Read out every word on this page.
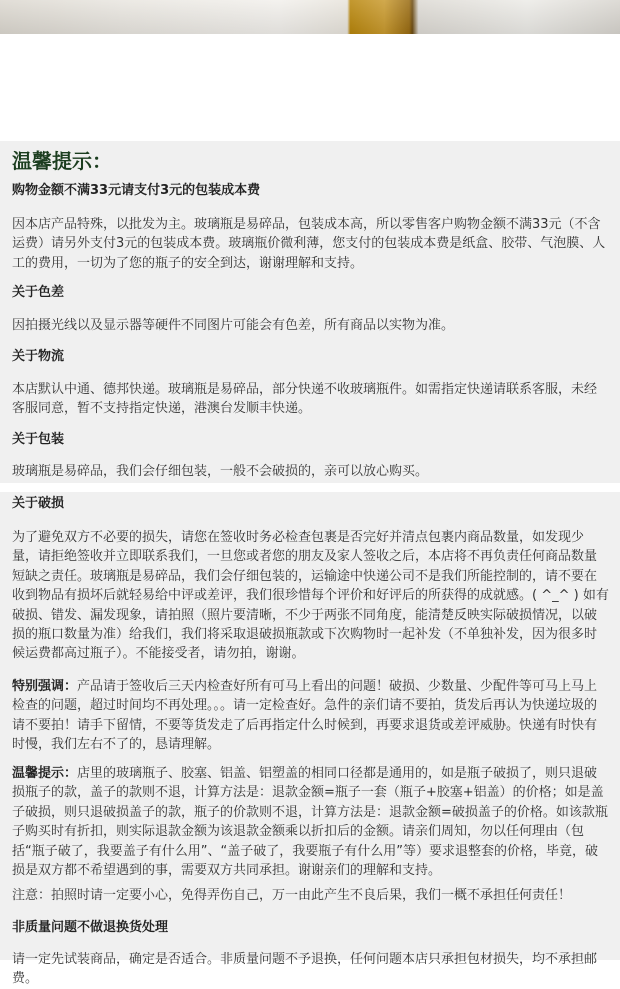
温馨提示：
购物金额不满33元请支付3元的包装成本费
因本店产品特殊，以批发为主。玻璃瓶是易碎品，包装成本高，所以零售客户购物金额不满33元（不含运费）请另外支付3元的包装成本费。玻璃瓶价微利薄，您支付的包装成本费是纸盒、胶带、气泡膜、人工的费用，一切为了您的瓶子的安全到达，谢谢理解和支持。
关于色差
因拍摄光线以及显示器等硬件不同图片可能会有色差，所有商品以实物为准。
关于物流
本店默认中通、德邦快递。玻璃瓶是易碎品，部分快递不收玻璃瓶件。如需指定快递请联系客服，未经客服同意，暂不支持指定快递，港澳台发顺丰快递。
关于包装
玻璃瓶是易碎品，我们会仔细包装，一般不会破损的，亲可以放心购买。
关于破损
为了避免双方不必要的损失，请您在签收时务必检查包裹是否完好并清点包裹内商品数量，如发现少量，请拒绝签收并立即联系我们，一旦您或者您的朋友及家人签收之后，本店将不再负责任何商品数量短缺之责任。玻璃瓶是易碎品，我们会仔细包装的，运输途中快递公司不是我们所能控制的，请不要在收到物品有损坏后就轻易给中评或差评，我们很珍惜每个评价和好评后的所获得的成就感。( ^_^ ) 如有破损、错发、漏发现象，请拍照（照片要清晰，不少于两张不同角度，能清楚反映实际破损情况，以破损的瓶口数量为准）给我们，我们将采取退破损瓶款或下次购物时一起补发（不单独补发，因为很多时候运费都高过瓶子）。不能接受者，请勿拍，谢谢。
特别强调：产品请于签收后三天内检查好所有可马上看出的问题！破损、少数量、少配件等可马上马上检查的问题，超过时间均不再处理。。。请一定检查好。急件的亲们请不要拍，货发后再认为快递垃圾的请不要拍！请手下留情，不要等货发走了后再指定什么时候到，再要求退货或差评威胁。快递有时快有时慢，我们左右不了的，恳请理解。
温馨提示：店里的玻璃瓶子、胶塞、铝盖、铝塑盖的相同口径都是通用的，如是瓶子破损了，则只退破损瓶子的款，盖子的款则不退，计算方法是：退款金额=瓶子一套（瓶子+胶塞+铝盖）的价格；如是盖子破损，则只退破损盖子的款，瓶子的价款则不退，计算方法是：退款金额=破损盖子的价格。如该款瓶子购买时有折扣，则实际退款金额为该退款金额乘以折扣后的金额。请亲们周知，勿以任何理由（包括“瓶子破了，我要盖子有什么用”、“盖子破了，我要瓶子有什么用”等）要求退整套的价格，毕竟，破损是双方都不希望遇到的事，需要双方共同承担。谢谢亲们的理解和支持。
注意：拍照时请一定要小心，免得弄伤自己，万一由此产生不良后果，我们一概不承担任何责任！
非质量问题不做退换货处理
请一定先试装商品，确定是否适合。非质量问题不予退换，任何问题本店只承担包材损失，均不承担邮费。
